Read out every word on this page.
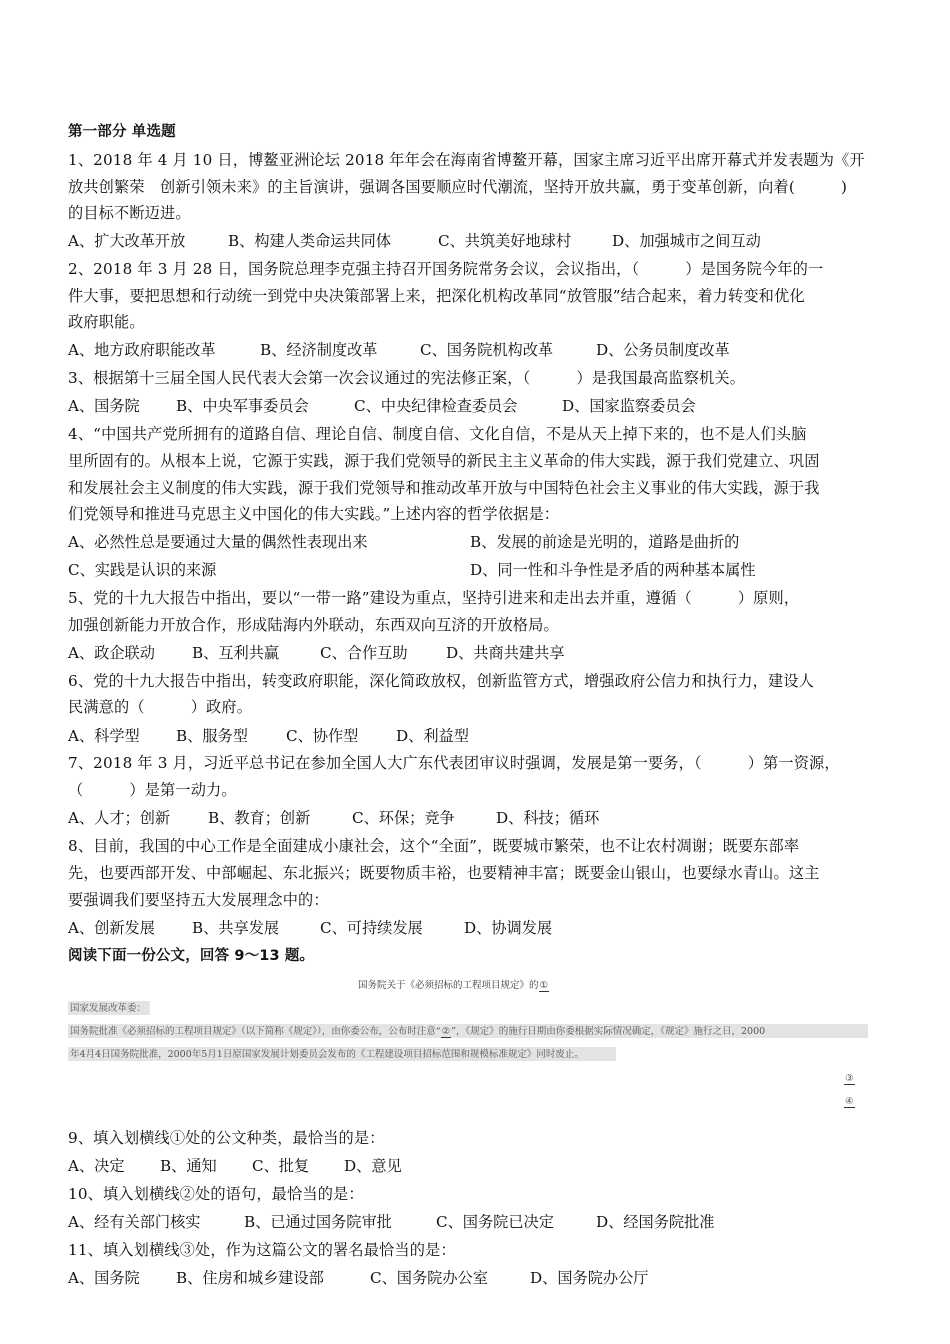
第一部分 单选题
1、2018 年 4 月 10 日，博鳌亚洲论坛 2018 年年会在海南省博鳌开幕，国家主席习近平出席开幕式并发表题为《开
放共创繁荣　创新引领未来》的主旨演讲，强调各国要顺应时代潮流，坚持开放共赢，勇于变革创新，向着(　　　)
的目标不断迈进。
A、扩大改革开放	B、构建人类命运共同体	C、共筑美好地球村	D、加强城市之间互动
2、2018 年 3 月 28 日，国务院总理李克强主持召开国务院常务会议，会议指出，（　　　）是国务院今年的一
件大事，要把思想和行动统一到党中央决策部署上来，把深化机构改革同“放管服”结合起来，着力转变和优化
政府职能。
A、地方政府职能改革	B、经济制度改革	C、国务院机构改革	D、公务员制度改革
3、根据第十三届全国人民代表大会第一次会议通过的宪法修正案，（　　　）是我国最高监察机关。
A、国务院 B、中央军事委员会	C、中央纪律检查委员会	D、国家监察委员会
4、“中国共产党所拥有的道路自信、理论自信、制度自信、文化自信，不是从天上掉下来的，也不是人们头脑
里所固有的。从根本上说，它源于实践，源于我们党领导的新民主主义革命的伟大实践，源于我们党建立、巩固
和发展社会主义制度的伟大实践，源于我们党领导和推动改革开放与中国特色社会主义事业的伟大实践，源于我
们党领导和推进马克思主义中国化的伟大实践。”上述内容的哲学依据是：
A、必然性总是要通过大量的偶然性表现出来	B、发展的前途是光明的，道路是曲折的
C、实践是认识的来源	D、同一性和斗争性是矛盾的两种基本属性
5、党的十九大报告中指出，要以“一带一路”建设为重点，坚持引进来和走出去并重，遵循（　　　）原则，
加强创新能力开放合作，形成陆海内外联动，东西双向互济的开放格局。
A、政企联动 B、互利共赢	C、合作互助	D、共商共建共享
6、党的十九大报告中指出，转变政府职能，深化简政放权，创新监管方式，增强政府公信力和执行力，建设人
民满意的（　　　）政府。
A、科学型 B、服务型	C、协作型 D、利益型
7、2018 年 3 月，习近平总书记在参加全国人大广东代表团审议时强调，发展是第一要务，（　　　）第一资源，
（　　　）是第一动力。
A、人才；创新 B、教育；创新	C、环保；竞争	D、科技；循环
8、目前，我国的中心工作是全面建成小康社会，这个“全面”，既要城市繁荣，也不让农村凋谢；既要东部率
先，也要西部开发、中部崛起、东北振兴；既要物质丰裕，也要精神丰富；既要金山银山，也要绿水青山。这主
要强调我们要坚持五大发展理念中的：
A、创新发展 B、共享发展	C、可持续发展	D、协调发展
阅读下面一份公文，回答 9～13 题。
国务院关于《必须招标的工程项目规定》的①
国家发展改革委：
国务院批准《必须招标的工程项目规定》（以下简称《规定》），由你委公布，公布时注意“②”，《规定》的施行日期由你委根据实际情况确定，《规定》施行之日，2000
年4月4日国务院批准，2000年5月1日原国家发展计划委员会发布的《工程建设项目招标范围和规模标准规定》同时废止。
③
④
9、填入划横线①处的公文种类，最恰当的是：
A、决定 B、通知 C、批复 D、意见
10、填入划横线②处的语句，最恰当的是：
A、经有关部门核实	B、已通过国务院审批	C、国务院已决定	D、经国务院批准
11、填入划横线③处，作为这篇公文的署名最恰当的是：
A、国务院 B、住房和城乡建设部	C、国务院办公室	D、国务院办公厅
